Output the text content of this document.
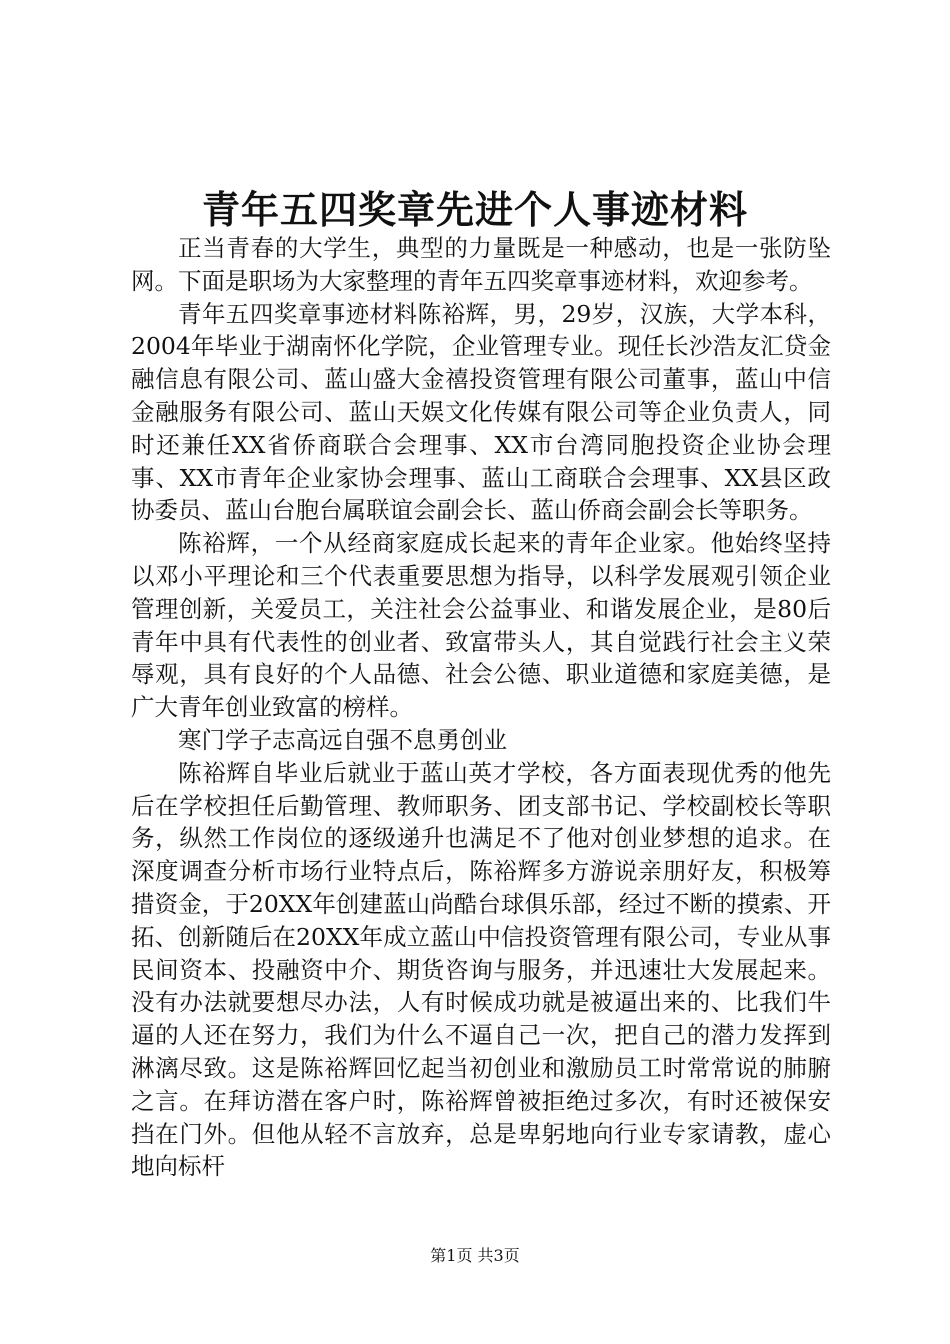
青年五四奖章先进个人事迹材料

正当青春的大学生，典型的力量既是一种感动，也是一张防坠网。下面是职场为大家整理的青年五四奖章事迹材料，欢迎参考。

青年五四奖章事迹材料陈裕辉，男，29岁，汉族，大学本科，2004年毕业于湖南怀化学院，企业管理专业。现任长沙浩友汇贷金融信息有限公司、蓝山盛大金禧投资管理有限公司董事，蓝山中信金融服务有限公司、蓝山天娱文化传媒有限公司等企业负责人，同时还兼任XX省侨商联合会理事、XX市台湾同胞投资企业协会理事、XX市青年企业家协会理事、蓝山工商联合会理事、XX县区政协委员、蓝山台胞台属联谊会副会长、蓝山侨商会副会长等职务。

陈裕辉，一个从经商家庭成长起来的青年企业家。他始终坚持以邓小平理论和三个代表重要思想为指导，以科学发展观引领企业管理创新，关爱员工，关注社会公益事业、和谐发展企业，是80后青年中具有代表性的创业者、致富带头人，其自觉践行社会主义荣辱观，具有良好的个人品德、社会公德、职业道德和家庭美德，是广大青年创业致富的榜样。

寒门学子志高远自强不息勇创业

陈裕辉自毕业后就业于蓝山英才学校，各方面表现优秀的他先后在学校担任后勤管理、教师职务、团支部书记、学校副校长等职务，纵然工作岗位的逐级递升也满足不了他对创业梦想的追求。在深度调查分析市场行业特点后，陈裕辉多方游说亲朋好友，积极筹措资金，于20XX年创建蓝山尚酷台球俱乐部，经过不断的摸索、开拓、创新随后在20XX年成立蓝山中信投资管理有限公司，专业从事民间资本、投融资中介、期货咨询与服务，并迅速壮大发展起来。没有办法就要想尽办法，人有时候成功就是被逼出来的、比我们牛逼的人还在努力，我们为什么不逼自己一次，把自己的潜力发挥到淋漓尽致。这是陈裕辉回忆起当初创业和激励员工时常常说的肺腑之言。在拜访潜在客户时，陈裕辉曾被拒绝过多次，有时还被保安挡在门外。但他从轻不言放弃，总是卑躬地向行业专家请教，虚心地向标杆

第1页 共3页
